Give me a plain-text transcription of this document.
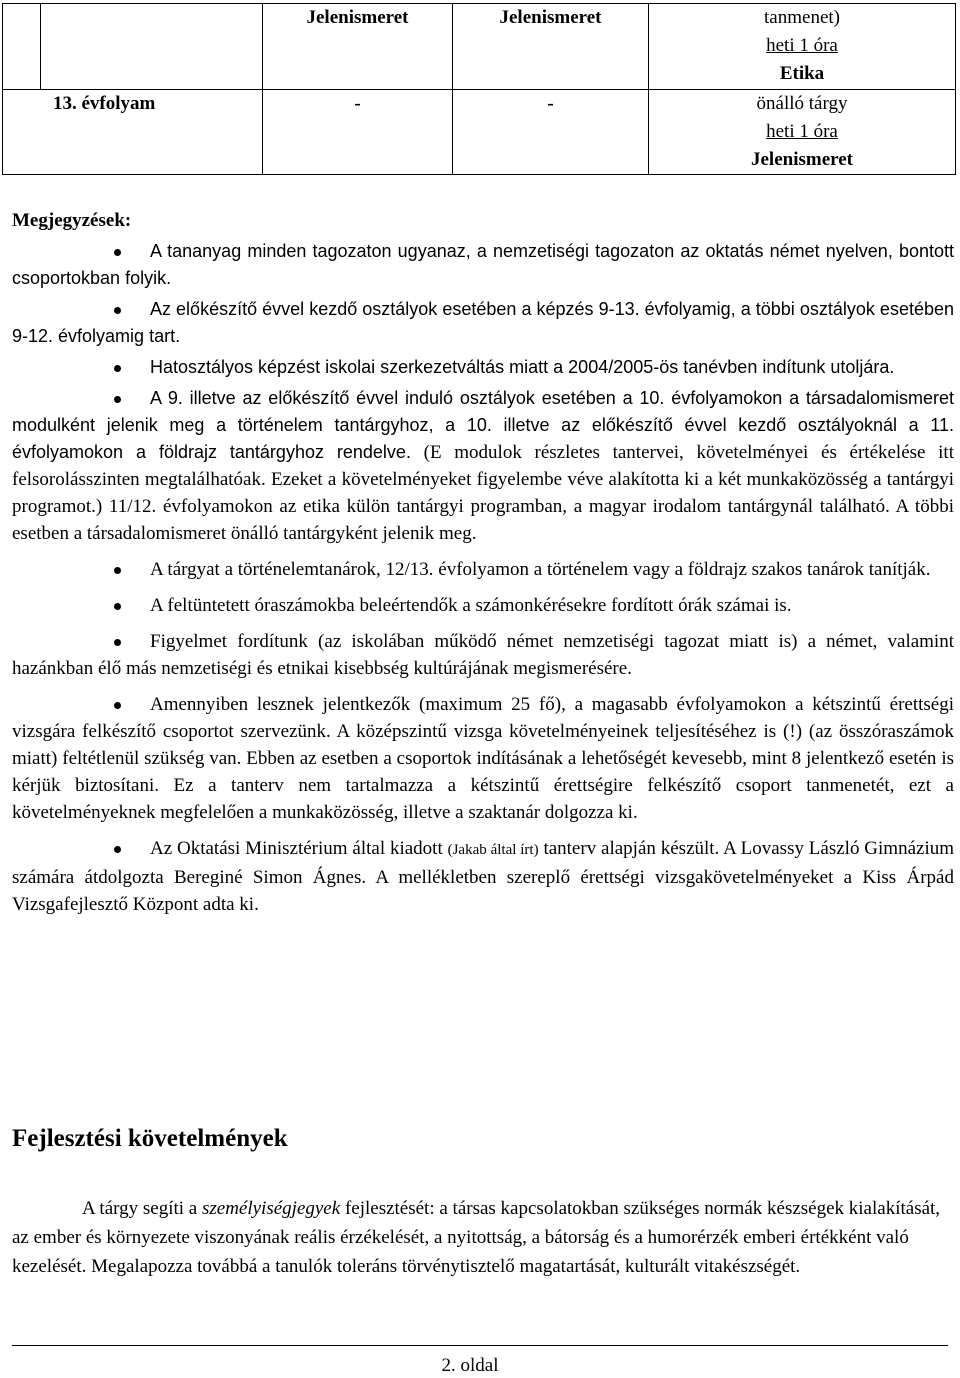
		Jelenismeret	Jelenismeret	tanmenet)
heti 1 óra
Etika

13. évfolyam		-	-	önálló tárgy
heti 1 óra
Jelenismeret
Megjegyzések:
A tananyag minden tagozaton ugyanaz, a nemzetiségi tagozaton az oktatás német nyelven, bontott csoportokban folyik.
Az előkészítő évvel kezdő osztályok esetében a képzés 9-13. évfolyamig, a többi osztályok esetében 9-12. évfolyamig tart.
Hatosztályos képzést iskolai szerkezetváltás miatt a 2004/2005-ös tanévben indítunk utoljára.
A 9. illetve az előkészítő évvel induló osztályok esetében a 10. évfolyamokon a társadalomismeret modulként jelenik meg a történelem tantárgyhoz, a 10. illetve az előkészítő évvel kezdő osztályoknál a 11. évfolyamokon a földrajz tantárgyhoz rendelve. (E modulok részletes tantervei, követelményei és értékelése itt felsorolásszinten megtalálhatóak. Ezeket a követelményeket figyelembe véve alakította ki a két munkaközösség a tantárgyi programot.) 11/12. évfolyamokon az etika külön tantárgyi programban, a magyar irodalom tantárgynál található. A többi esetben a társadalomismeret önálló tantárgyként jelenik meg.
A tárgyat a történelemtanárok, 12/13. évfolyamon a történelem vagy a földrajz szakos tanárok tanítják.
A feltüntetett óraszámokba beleértendők a számonkérésekre fordított órák számai is.
Figyelmet fordítunk (az iskolában működő német nemzetiségi tagozat miatt is) a német, valamint hazánkban élő más nemzetiségi és etnikai kisebbség kultúrájának megismerésére.
Amennyiben lesznek jelentkezők (maximum 25 fő), a magasabb évfolyamokon a kétszintű érettségi vizsgára felkészítő csoportot szervezünk. A középszintű vizsga követelményeinek teljesítéséhez is (!) (az összóraszámok miatt) feltétlenül szükség van. Ebben az esetben a csoportok indításának a lehetőségét kevesebb, mint 8 jelentkező esetén is kérjük biztosítani. Ez a tanterv nem tartalmazza a kétszintű érettségire felkészítő csoport tanmenetét, ezt a követelményeknek megfelelően a munkaközösség, illetve a szaktanár dolgozza ki.
Az Oktatási Minisztérium által kiadott (Jakab által írt) tanterv alapján készült. A Lovassy László Gimnázium számára átdolgozta Bereginé Simon Ágnes. A mellékletben szereplő érettségi vizsgakövetelményeket a Kiss Árpád Vizsgafejlesztő Központ adta ki.
Fejlesztési követelmények
A tárgy segíti a személyiségjegyek fejlesztését: a társas kapcsolatokban szükséges normák készségek kialakítását, az ember és környezete viszonyának reális érzékelését, a nyitottság, a bátorság és a humorérzék emberi értékként való kezelését. Megalapozza továbbá a tanulók toleráns törvénytisztelő magatartását, kulturált vitakészségét.
2. oldal
